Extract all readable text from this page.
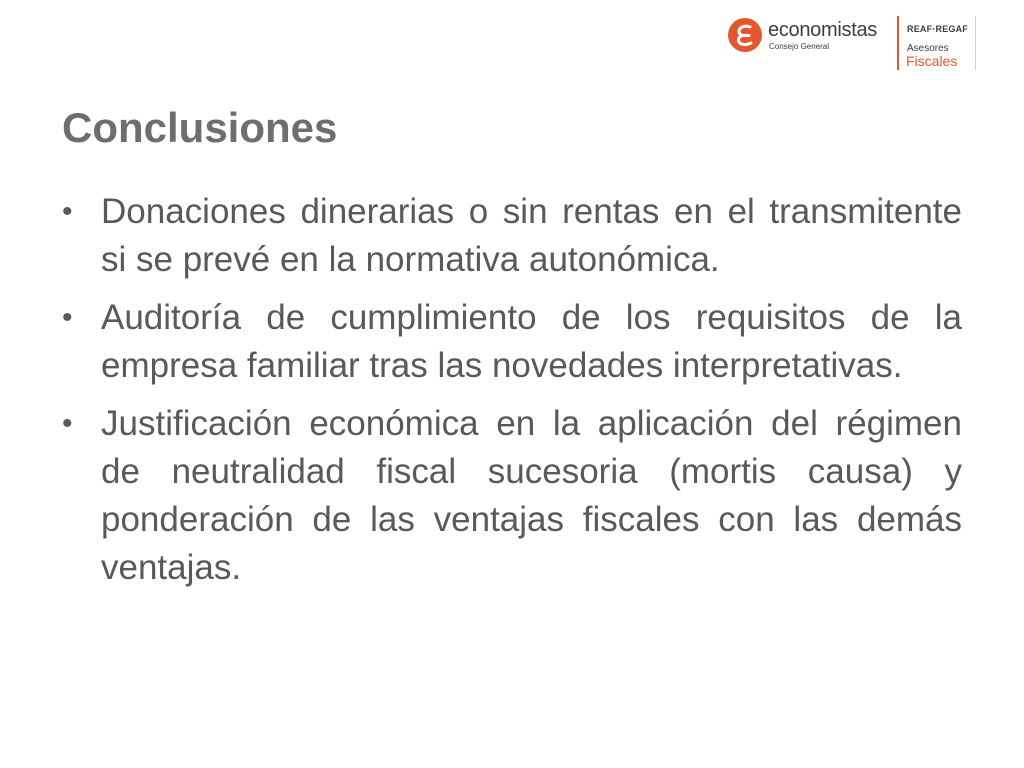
economistas
Consejo General
REAF·REGAF
Asesores
Fiscales
Conclusiones
• Donaciones dinerarias o sin rentas en el transmitente si se prevé en la normativa autonómica.
• Auditoría de cumplimiento de los requisitos de la empresa familiar tras las novedades interpretativas.
• Justificación económica en la aplicación del régimen de neutralidad fiscal sucesoria (mortis causa) y ponderación de las ventajas fiscales con las demás ventajas.
